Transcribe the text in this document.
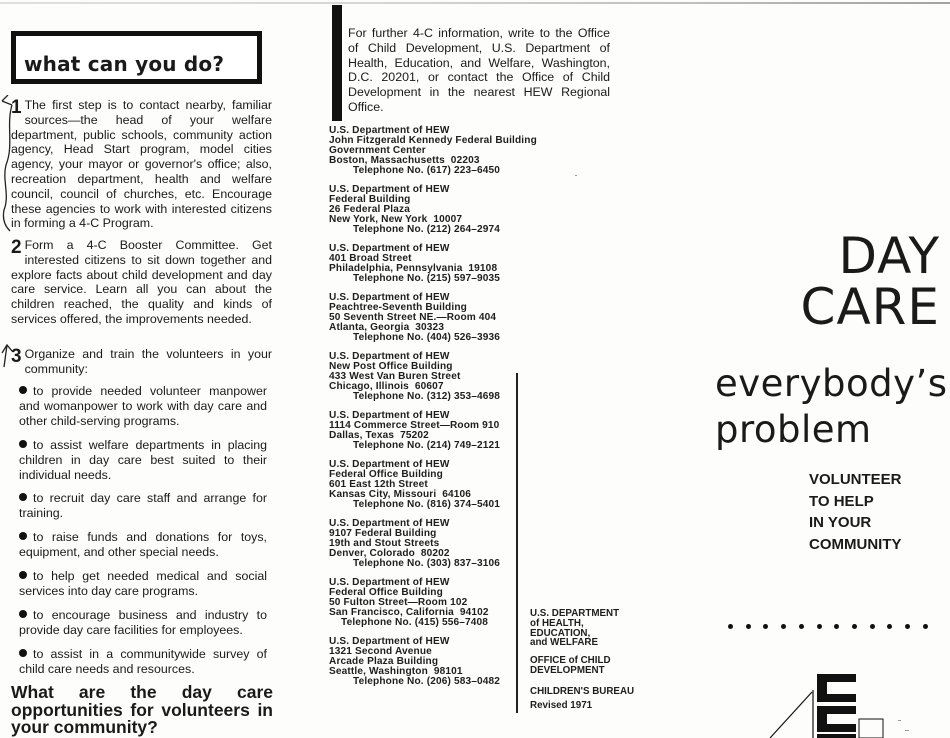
what can you do?
1 The first step is to contact nearby, familiar sources—the head of your welfare department, public schools, community action agency, Head Start program, model cities agency, your mayor or governor's office; also, recreation department, health and welfare council, council of churches, etc. Encourage these agencies to work with interested citizens in forming a 4-C Program.
2 Form a 4-C Booster Committee. Get interested citizens to sit down together and explore facts about child development and day care service. Learn all you can about the children reached, the quality and kinds of services offered, the improvements needed.
3 Organize and train the volunteers in your community:
to provide needed volunteer manpower and womanpower to work with day care and other child-serving programs.
to assist welfare departments in placing children in day care best suited to their individual needs.
to recruit day care staff and arrange for training.
to raise funds and donations for toys, equipment, and other special needs.
to help get needed medical and social services into day care programs.
to encourage business and industry to provide day care facilities for employees.
to assist in a communitywide survey of child care needs and resources.
What are the day care opportunities for volunteers in your community?
For further 4-C information, write to the Office of Child Development, U.S. Department of Health, Education, and Welfare, Washington, D.C. 20201, or contact the Office of Child Development in the nearest HEW Regional Office.
U.S. Department of HEW
John Fitzgerald Kennedy Federal Building
Government Center
Boston, Massachusetts  02203
Telephone No. (617) 223–6450
U.S. Department of HEW
Federal Building
26 Federal Plaza
New York, New York  10007
Telephone No. (212) 264–2974
U.S. Department of HEW
401 Broad Street
Philadelphia, Pennsylvania  19108
Telephone No. (215) 597–9035
U.S. Department of HEW
Peachtree-Seventh Building
50 Seventh Street NE.—Room 404
Atlanta, Georgia  30323
Telephone No. (404) 526–3936
U.S. Department of HEW
New Post Office Building
433 West Van Buren Street
Chicago, Illinois  60607
Telephone No. (312) 353–4698
U.S. Department of HEW
1114 Commerce Street—Room 910
Dallas, Texas  75202
Telephone No. (214) 749–2121
U.S. Department of HEW
Federal Office Building
601 East 12th Street
Kansas City, Missouri  64106
Telephone No. (816) 374–5401
U.S. Department of HEW
9107 Federal Building
19th and Stout Streets
Denver, Colorado  80202
Telephone No. (303) 837–3106
U.S. Department of HEW
Federal Office Building
50 Fulton Street—Room 102
San Francisco, California  94102
Telephone No. (415) 556–7408
U.S. Department of HEW
1321 Second Avenue
Arcade Plaza Building
Seattle, Washington  98101
Telephone No. (206) 583–0482
U.S. DEPARTMENT
of HEALTH,
EDUCATION,
and WELFARE
OFFICE of CHILD
DEVELOPMENT
CHILDREN'S BUREAU
Revised 1971
DAY
CARE
everybody’s
problem
VOLUNTEER
TO HELP
IN YOUR
COMMUNITY
